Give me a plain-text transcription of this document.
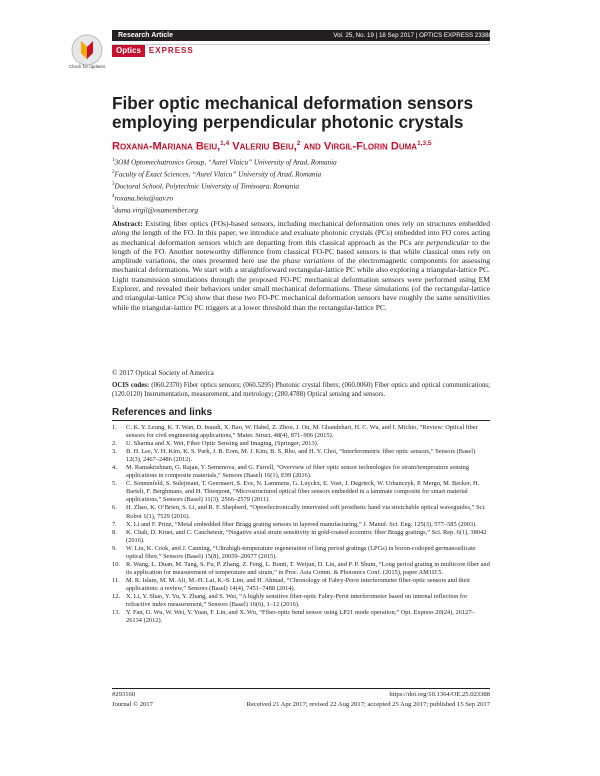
Research Article	Vol. 25, No. 19 | 18 Sep 2017 | OPTICS EXPRESS 23388
Optics	EXPRESS
Check for updates
Fiber optic mechanical deformation sensors employing perpendicular photonic crystals
Roxana-Mariana Beiu,$^{1,4}$ Valeriu Beiu,$^2$ and Virgil-Florin Duma$^{1,3,5}$
$^1$3OM Optomechatronics Group, “Aurel Vlaicu” University of Arad, Romania
$^2$Faculty of Exact Sciences, “Aurel Vlaicu” University of Arad, Romania
$^3$Doctoral School, Polytechnic University of Timisoara, Romania
$^4$roxana.beiu@uav.ro
$^5$duma.virgil@osamember.org

Abstract: Existing fiber optics (FOs)-based sensors, including mechanical deformation ones rely on structures embedded along the length of the FO. In this paper, we introduce and evaluate photonic crystals (PCs) embedded into FO cores acting as mechanical deformation sensors which are departing from this classical approach as the PCs are perpendicular to the length of the FO. Another noteworthy difference from classical FO-PC based sensors is that while classical ones rely on amplitude variations, the ones presented here use the phase variations of the electromagnetic components for assessing mechanical deformations. We start with a straightforward rectangular-lattice PC while also exploring a triangular-lattice PC. Light transmission simulations through the proposed FO-PC mechanical deformation sensors were performed using EM Explorer, and revealed their behaviors under small mechanical deformations. These simulations (of the rectangular-lattice and triangular-lattice PCs) show that these two FO-PC mechanical deformation sensors have roughly the same sensitivities while the triangular-lattice PC triggers at a lower threshold than the rectangular-lattice PC.

© 2017 Optical Society of America
OCIS codes: (060.2370) Fiber optics sensors; (060.5295) Photonic crystal fibers; (060.0060) Fiber optics and optical communications; (120.0120) Instrumentation, measurement, and metrology; (280.4788) Optical sensing and sensors.
References and links
1.	C. K. Y. Leung, K. T. Wan, D. Inaudi, X. Bao, W. Habel, Z. Zhou, J. Ou, M. Ghandehari, H. C. Wu, and I. Michio, “Review: Optical fiber sensors for civil engineering applications,” Mater. Struct. 48(4), 871–906 (2015).
2.	U. Sharma and X. Wei, Fiber Optic Sensing and Imaging, (Springer, 2013).
3.	B. H. Lee, Y. H. Kim, K. S. Park, J. B. Eom, M. J. Kim, B. S. Rho, and H. Y. Choi, “Interferometric fiber optic sensors,” Sensors (Basel) 12(3), 2467–2486 (2012).
4.	M. Ramakrishnan, G. Rajan, Y. Semenova, and G. Farrell, “Overview of fiber optic sensor technologies for strain/temperature sensing applications in composite materials,” Sensors (Basel) 16(1), E99 (2016).
5.	C. Sonnenfeld, S. Sulejmani, T. Geernaert, S. Eve, N. Lammens, G. Luyckx, E. Voet, J. Degrieck, W. Urbanczyk, P. Mergo, M. Becker, H. Bartelt, F. Berghmans, and H. Thienpont, “Microstructured optical fiber sensors embedded in a laminate composite for smart material applications,” Sensors (Basel) 11(3), 2566–2579 (2011).
6.	H. Zhao, K. O’Brien, S. Li, and R. F. Shepherd, “Optoelectronically innervated soft prosthetic hand via stretchable optical waveguides,” Sci. Robot 1(1), 7529 (2016).
7.	X. Li and F. Prinz, “Metal embedded fiber Bragg grating sensors in layered manufacturing,” J. Manuf. Sci. Eng. 125(3), 577–585 (2003).
8.	K. Chah, D. Kinet, and C. Caucheteur, “Negative axial strain sensitivity in gold-coated eccentric fiber Bragg gratings,” Sci. Rep. 6(1), 38042 (2016).
9.	W. Liu, K. Cook, and J. Canning, “Ultrahigh-temperature regeneration of long period gratings (LPGs) in boron-codoped germanosilicate optical fibre,” Sensors (Basel) 15(8), 20659–20677 (2015).
10. R. Wang, L. Duan, M. Tang, S. Fu, P. Zhang, Z. Feng, L. Bonti, T. Weijun, D. Liu, and P. P. Shum, “Long period grating in multicore fiber and its application for measurement of temperature and strain,” in Proc. Asia Comm. & Photonics Conf. (2015), paper AM1D.5.
11. M. R. Islam, M. M. Ali, M.-H. Lai, K.-S. Lim, and H. Ahmad, “Chronology of Fabry-Perot interferometer fiber-optic sensors and their applications: a review,” Sensors (Basel) 14(4), 7451–7488 (2014).
12. X. Li, Y. Shao, Y. Yu, Y. Zhang, and S. Wei, “A highly sensitive fiber-optic Fabry-Perot interferometer based on internal reflection for refractive index measurement,” Sensors (Basel) 16(6), 1–12 (2016).
13. Y. Fan, G. Wu, W. Wei, Y. Yuan, F. Lin, and X. Wu, “Fiber-optic bend sensor using LP21 mode operation,” Opt. Express 20(24), 26127–26134 (2012).
#293160	https://doi.org/10.1364/OE.25.023388
Journal © 2017	Received 21 Apr 2017; revised 22 Aug 2017; accepted 25 Aug 2017; published 15 Sep 2017
